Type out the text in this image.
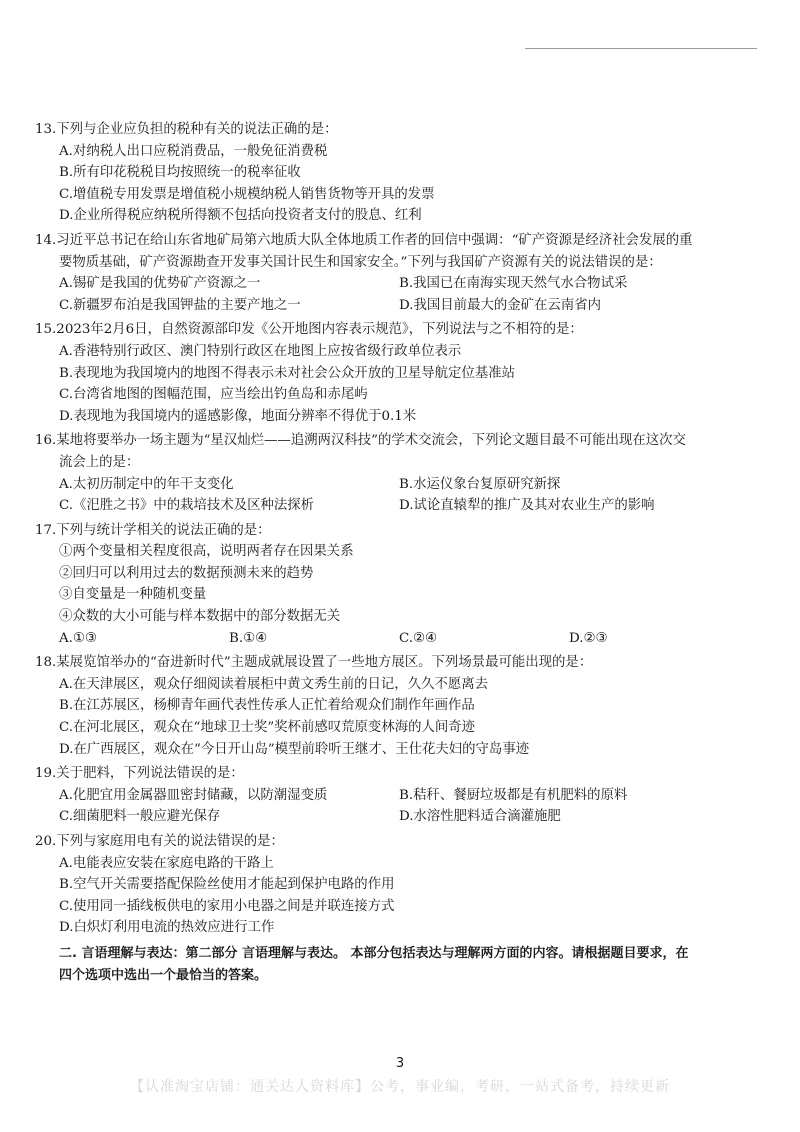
13.下列与企业应负担的税种有关的说法正确的是：

A.对纳税人出口应税消费品，一般免征消费税

B.所有印花税税目均按照统一的税率征收

C.增值税专用发票是增值税小规模纳税人销售货物等开具的发票

D.企业所得税应纳税所得额不包括向投资者支付的股息、红利

14.习近平总书记在给山东省地矿局第六地质大队全体地质工作者的回信中强调：“矿产资源是经济社会发展的重

要物质基础，矿产资源勘查开发事关国计民生和国家安全。”下列与我国矿产资源有关的说法错误的是：

A.锡矿是我国的优势矿产资源之一	B.我国已在南海实现天然气水合物试采
C.新疆罗布泊是我国钾盐的主要产地之一	D.我国目前最大的金矿在云南省内

15.2023年2月6日，自然资源部印发《公开地图内容表示规范》，下列说法与之不相符的是：

A.香港特别行政区、澳门特别行政区在地图上应按省级行政单位表示

B.表现地为我国境内的地图不得表示未对社会公众开放的卫星导航定位基准站

C.台湾省地图的图幅范围，应当绘出钓鱼岛和赤尾屿

D.表现地为我国境内的遥感影像，地面分辨率不得优于0.1米

16.某地将要举办一场主题为“星汉灿烂——追溯两汉科技”的学术交流会，下列论文题目最不可能出现在这次交

流会上的是：

A.太初历制定中的年干支变化	B.水运仪象台复原研究新探
C.《汜胜之书》中的栽培技术及区种法探析	D.试论直辕犁的推广及其对农业生产的影响

17.下列与统计学相关的说法正确的是：

①两个变量相关程度很高，说明两者存在因果关系

②回归可以利用过去的数据预测未来的趋势

③自变量是一种随机变量

④众数的大小可能与样本数据中的部分数据无关

A.①③	B.①④	C.②④	D.②③

18.某展览馆举办的“奋进新时代”主题成就展设置了一些地方展区。下列场景最可能出现的是：

A.在天津展区，观众仔细阅读着展柜中黄文秀生前的日记，久久不愿离去

B.在江苏展区，杨柳青年画代表性传承人正忙着给观众们制作年画作品

C.在河北展区，观众在“地球卫士奖”奖杯前感叹荒原变林海的人间奇迹

D.在广西展区，观众在“今日开山岛”模型前聆听王继才、王仕花夫妇的守岛事迹

19.关于肥料，下列说法错误的是：

A.化肥宜用金属器皿密封储藏，以防潮湿变质	B.秸秆、餐厨垃圾都是有机肥料的原料
C.细菌肥料一般应避光保存	D.水溶性肥料适合滴灌施肥

20.下列与家庭用电有关的说法错误的是：

A.电能表应安装在家庭电路的干路上

B.空气开关需要搭配保险丝使用才能起到保护电路的作用

C.使用同一插线板供电的家用小电器之间是并联连接方式

D.白炽灯利用电流的热效应进行工作

二. 言语理解与表达：第二部分 言语理解与表达。 本部分包括表达与理解两方面的内容。请根据题目要求，在
四个选项中选出一个最恰当的答案。
3
【认准淘宝店铺：通关达人资料库】公考，事业编，考研，一站式备考，持续更新
